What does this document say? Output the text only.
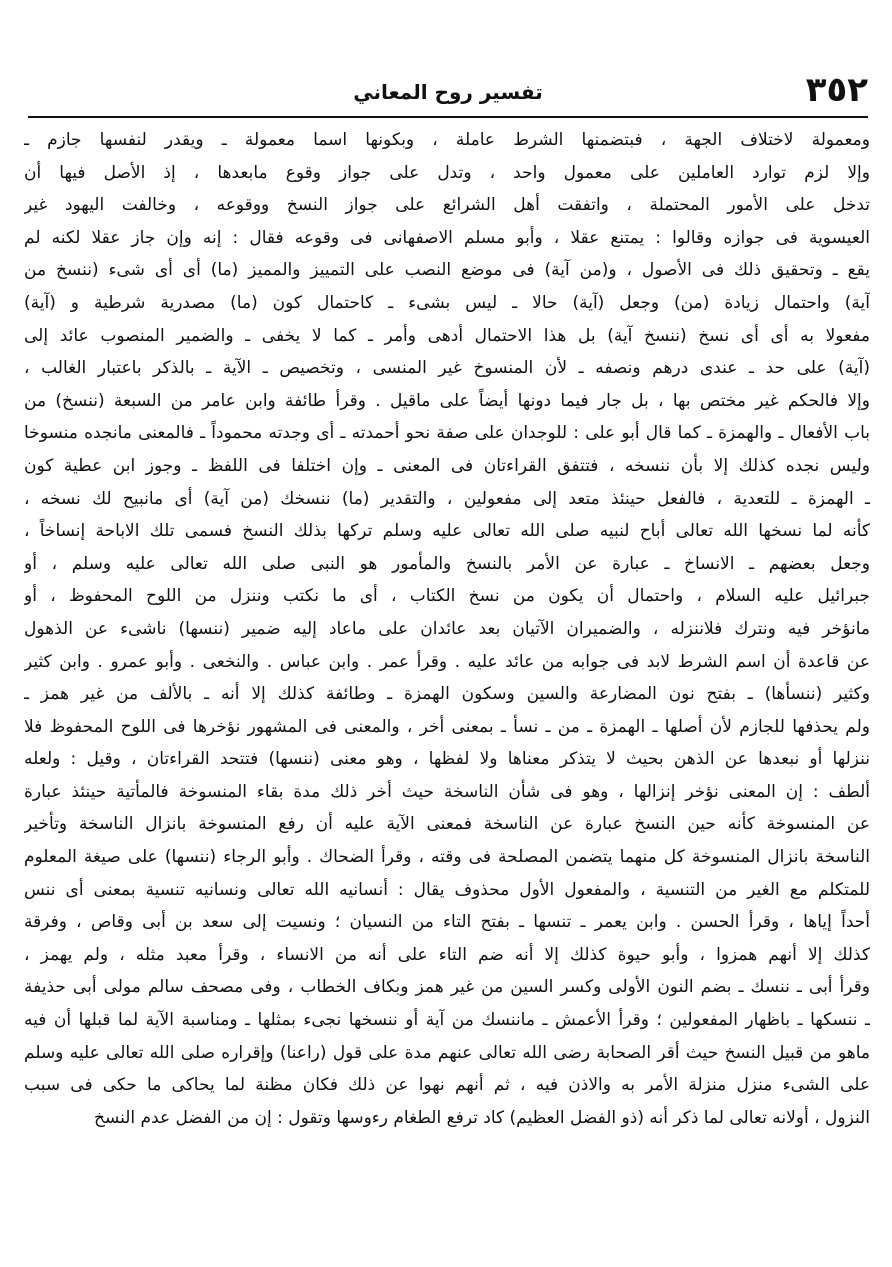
٣٥٢
تفسير روح المعاني
ومعمولة لاختلاف الجهة ، فبتضمنها الشرط عاملة ، وبكونها اسما معمولة ـ ويقدر لنفسها جازم ـ
وإلا لزم توارد العاملين على معمول واحد ، وتدل على جواز وقوع مابعدها ، إذ الأصل فيها أن
تدخل على الأمور المحتملة ، واتفقت أهل الشرائع على جواز النسخ ووقوعه ، وخالفت اليهود غير
العيسوية فى جوازه وقالوا : يمتنع عقلا ، وأبو مسلم الاصفهانى فى وقوعه فقال : إنه وإن جاز عقلا لكنه لم
يقع ـ وتحقيق ذلك فى الأصول ، و(من آية) فى موضع النصب على التمييز والمميز (ما) أى أى شىء (ننسخ من
آية) واحتمال زيادة (من) وجعل (آية) حالا ـ ليس بشىء ـ كاحتمال كون (ما) مصدرية شرطية و (آية)
مفعولا به أى أى نسخ (ننسخ آية) بل هذا الاحتمال أدهى وأمر ـ كما لا يخفى ـ والضمير المنصوب عائد إلى
(آية) على حد ـ عندى درهم ونصفه ـ لأن المنسوخ غير المنسى ، وتخصيص ـ الآية ـ بالذكر باعتبار الغالب ،
وإلا فالحكم غير مختص بها ، بل جار فيما دونها أيضاً على ماقيل . وقرأ طائفة وابن عامر من السبعة (ننسخ) من
باب الأفعال ـ والهمزة ـ كما قال أبو على : للوجدان على صفة نحو أحمدته ـ أى وجدته محموداً ـ فالمعنى مانجده منسوخا
وليس نجده كذلك إلا بأن ننسخه ، فتتفق القراءتان فى المعنى ـ وإن اختلفا فى اللفظ ـ وجوز ابن عطية كون
ـ الهمزة ـ للتعدية ، فالفعل حينئذ متعد إلى مفعولين ، والتقدير (ما) ننسخك (من آية) أى مانبيح لك نسخه ،
كأنه لما نسخها الله تعالى أباح لنبيه صلى الله تعالى عليه وسلم تركها بذلك النسخ فسمى تلك الاباحة إنساخاً ،
وجعل بعضهم ـ الانساخ ـ عبارة عن الأمر بالنسخ والمأمور هو النبى صلى الله تعالى عليه وسلم ، أو
جبرائيل عليه السلام ، واحتمال أن يكون من نسخ الكتاب ، أى ما نكتب وننزل من اللوح المحفوظ ، أو
مانؤخر فيه ونترك فلاننزله ، والضميران الآتيان بعد عائدان على ماعاد إليه ضمير (ننسها) ناشىء عن الذهول
عن قاعدة أن اسم الشرط لابد فى جوابه من عائد عليه . وقرأ عمر . وابن عباس . والنخعى . وأبو عمرو . وابن كثير
وكثير (ننسأها) ـ بفتح نون المضارعة والسين وسكون الهمزة ـ وطائفة كذلك إلا أنه ـ بالألف من غير همز ـ
ولم يحذفها للجازم لأن أصلها ـ الهمزة ـ من ـ نسأ ـ بمعنى أخر ، والمعنى فى المشهور نؤخرها فى اللوح المحفوظ فلا
ننزلها أو نبعدها عن الذهن بحيث لا يتذكر معناها ولا لفظها ، وهو معنى (ننسها) فتتحد القراءتان ، وقيل : ولعله
ألطف : إن المعنى نؤخر إنزالها ، وهو فى شأن الناسخة حيث أخر ذلك مدة بقاء المنسوخة فالمأتية حينئذ عبارة
عن المنسوخة كأنه حين النسخ عبارة عن الناسخة فمعنى الآية عليه أن رفع المنسوخة بانزال الناسخة وتأخير
الناسخة بانزال المنسوخة كل منهما يتضمن المصلحة فى وقته ، وقرأ الضحاك . وأبو الرجاء (ننسها) على صيغة المعلوم
للمتكلم مع الغير من التنسية ، والمفعول الأول محذوف يقال : أنسانيه الله تعالى ونسانيه تنسية بمعنى أى ننس
أحداً إياها ، وقرأ الحسن . وابن يعمر ـ تنسها ـ بفتح التاء من النسيان ؛ ونسيت إلى سعد بن أبى وقاص ، وفرقة
كذلك إلا أنهم همزوا ، وأبو حيوة كذلك إلا أنه ضم التاء على أنه من الانساء ، وقرأ معبد مثله ، ولم يهمز ،
وقرأ أبى ـ ننسك ـ بضم النون الأولى وكسر السين من غير همز وبكاف الخطاب ، وفى مصحف سالم مولى أبى حذيفة
ـ ننسكها ـ باظهار المفعولين ؛ وقرأ الأعمش ـ ماننسك من آية أو ننسخها نجىء بمثلها ـ ومناسبة الآية لما قبلها أن فيه
ماهو من قبيل النسخ حيث أقر الصحابة رضى الله تعالى عنهم مدة على قول (راعنا) وإقراره صلى الله تعالى عليه وسلم
على الشىء منزل منزلة الأمر به والاذن فيه ، ثم أنهم نهوا عن ذلك فكان مظنة لما يحاكى ما حكى فى سبب
النزول ، أولانه تعالى لما ذكر أنه (ذو الفضل العظيم) كاد ترفع الطغام رءوسها وتقول : إن من الفضل عدم النسخ
